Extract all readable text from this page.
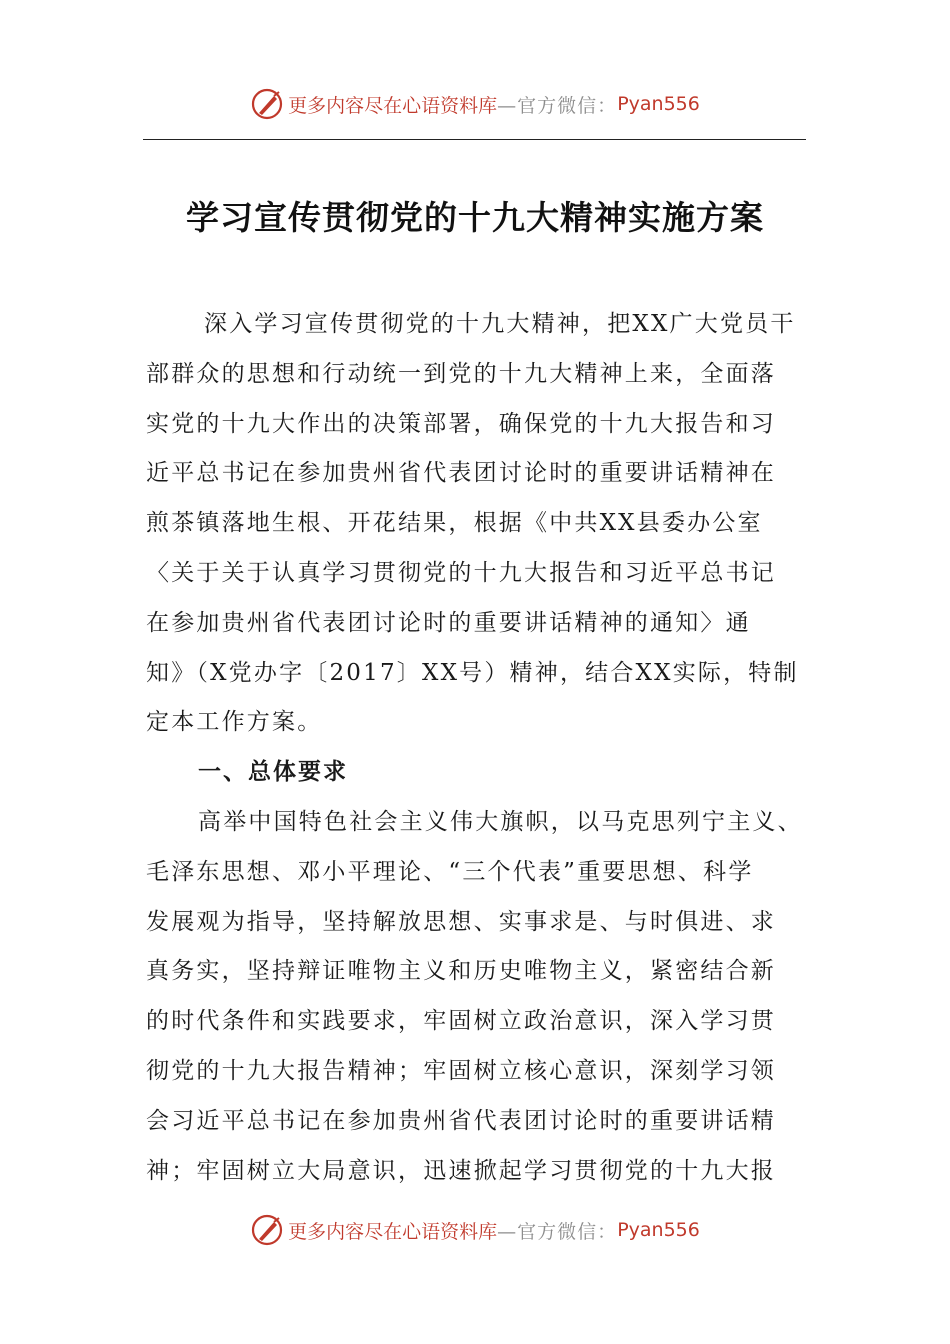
更多内容尽在心语资料库 —官方微信： Pyan556
学习宣传贯彻党的十九大精神实施方案
深入学习宣传贯彻党的十九大精神，把XX广大党员干
部群众的思想和行动统一到党的十九大精神上来，全面落
实党的十九大作出的决策部署，确保党的十九大报告和习
近平总书记在参加贵州省代表团讨论时的重要讲话精神在
煎茶镇落地生根、开花结果，根据《中共XX县委办公室
〈关于关于认真学习贯彻党的十九大报告和习近平总书记
在参加贵州省代表团讨论时的重要讲话精神的通知〉通
知》（X党办字〔2017〕XX号）精神，结合XX实际，特制
定本工作方案。
一、总体要求
高举中国特色社会主义伟大旗帜，以马克思列宁主义、
毛泽东思想、邓小平理论、“三个代表”重要思想、科学
发展观为指导，坚持解放思想、实事求是、与时俱进、求
真务实，坚持辩证唯物主义和历史唯物主义，紧密结合新
的时代条件和实践要求，牢固树立政治意识，深入学习贯
彻党的十九大报告精神；牢固树立核心意识，深刻学习领
会习近平总书记在参加贵州省代表团讨论时的重要讲话精
神；牢固树立大局意识，迅速掀起学习贯彻党的十九大报
更多内容尽在心语资料库 —官方微信： Pyan556
